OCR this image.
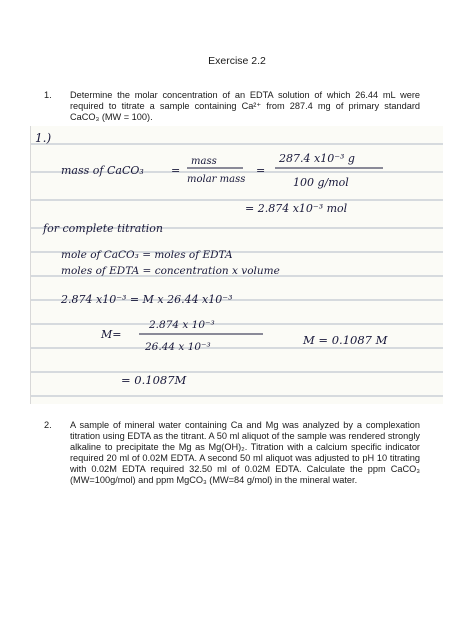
Exercise 2.2
1. Determine the molar concentration of an EDTA solution of which 26.44 mL were required to titrate a sample containing Ca²⁺ from 287.4 mg of primary standard CaCO₃ (MW = 100).
1.)
mass of CaCO₃ =
mass
molar mass
=
287.4 x10⁻³ g
100 g/mol
= 2.874 x10⁻³ mol
for complete titration
mole of CaCO₃ = moles of EDTA
moles of EDTA = concentration x volume
2.874 x10⁻³ = M x 26.44 x10⁻³
M=
2.874 x 10⁻³
26.44 x 10⁻³	M = 0.1087 M
= 0.1087M
2. A sample of mineral water containing Ca and Mg was analyzed by a complexation titration using EDTA as the titrant. A 50 ml aliquot of the sample was rendered strongly alkaline to precipitate the Mg as Mg(OH)₂. Titration with a calcium specific indicator required 20 ml of 0.02M EDTA. A second 50 ml aliquot was adjusted to pH 10 titrating with 0.02M EDTA required 32.50 ml of 0.02M EDTA. Calculate the ppm CaCO₃ (MW=100g/mol) and ppm MgCO₃ (MW=84 g/mol) in the mineral water.
